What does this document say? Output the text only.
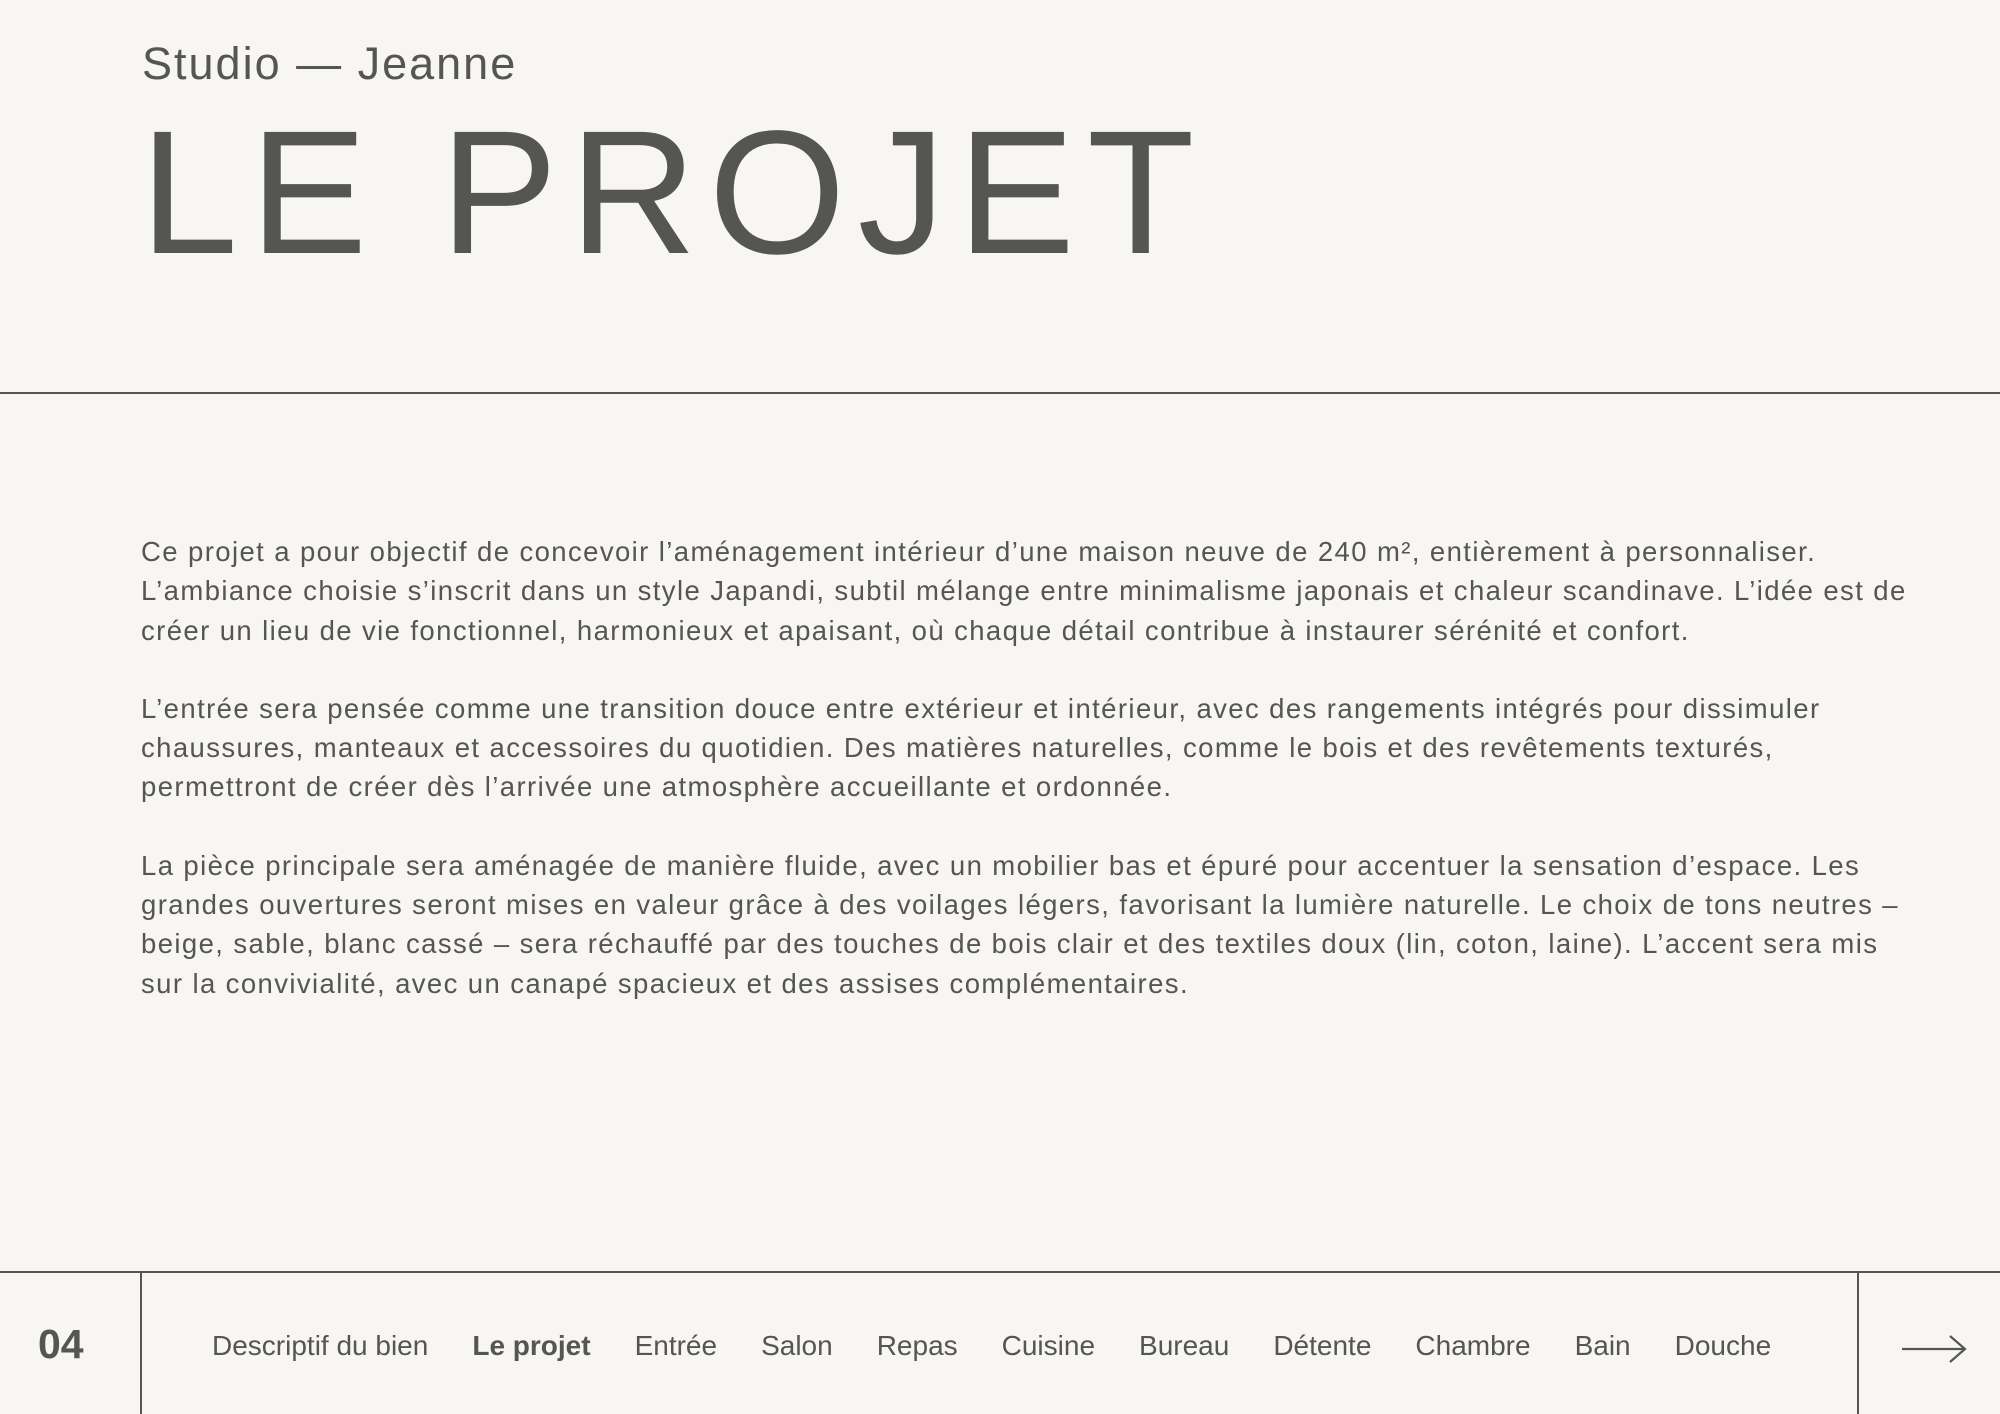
Studio — Jeanne
LE PROJET

Ce projet a pour objectif de concevoir l’aménagement intérieur d’une maison neuve de 240 m², entièrement à personnaliser. L’ambiance choisie s’inscrit dans un style Japandi, subtil mélange entre minimalisme japonais et chaleur scandinave. L’idée est de créer un lieu de vie fonctionnel, harmonieux et apaisant, où chaque détail contribue à instaurer sérénité et confort.

L’entrée sera pensée comme une transition douce entre extérieur et intérieur, avec des rangements intégrés pour dissimuler chaussures, manteaux et accessoires du quotidien. Des matières naturelles, comme le bois et des revêtements texturés, permettront de créer dès l’arrivée une atmosphère accueillante et ordonnée.

La pièce principale sera aménagée de manière fluide, avec un mobilier bas et épuré pour accentuer la sensation d’espace. Les grandes ouvertures seront mises en valeur grâce à des voilages légers, favorisant la lumière naturelle. Le choix de tons neutres – beige, sable, blanc cassé – sera réchauffé par des touches de bois clair et des textiles doux (lin, coton, laine). L’accent sera mis sur la convivialité, avec un canapé spacieux et des assises complémentaires.

04	Descriptif du bien Le projet Entrée Salon Repas Cuisine Bureau Détente Chambre Bain Douche
